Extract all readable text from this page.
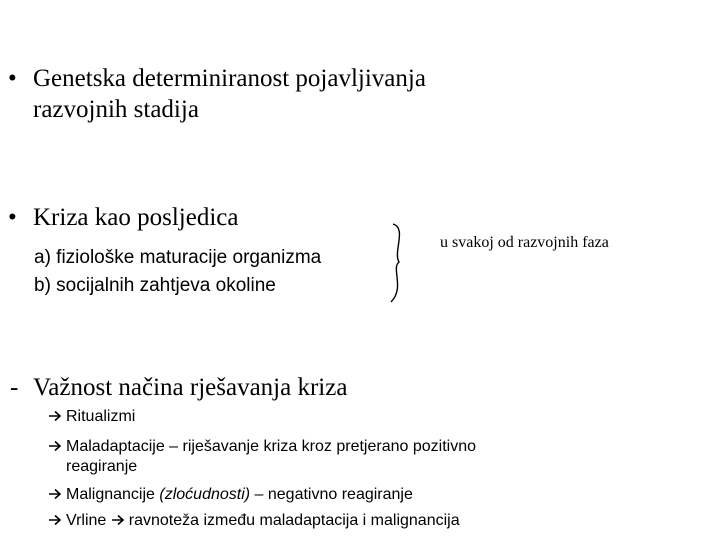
• Genetska determiniranost pojavljivanja
razvojnih stadija
• Kriza kao posljedica
a) fiziološke maturacije organizma
b) socijalnih zahtjeva okoline
u svakoj od razvojnih faza
- Važnost načina rješavanja kriza
Ritualizmi
Maladaptacije – riješavanje kriza kroz pretjerano pozitivno
reagiranje
Malignancije (zloćudnosti) – negativno reagiranje
Vrline
ravnoteža između maladaptacija i malignancija
